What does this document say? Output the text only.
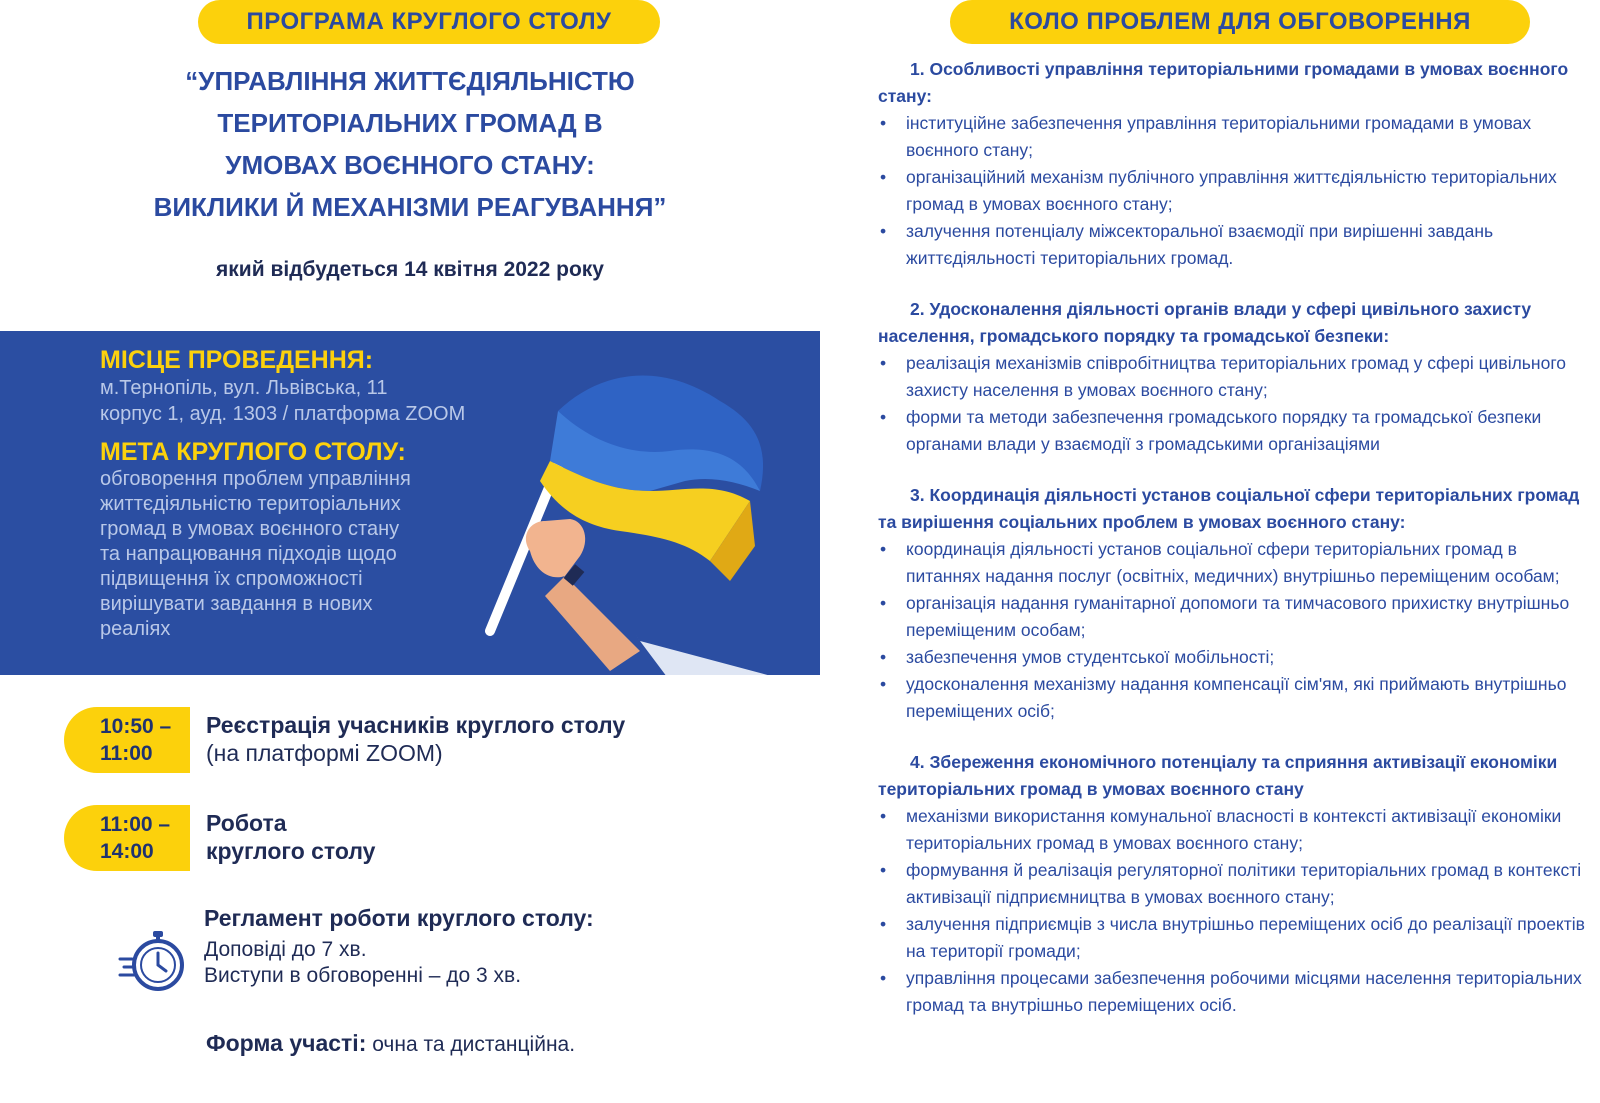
ПРОГРАМА КРУГЛОГО СТОЛУ
“УПРАВЛІННЯ ЖИТТЄДІЯЛЬНІСТЮ
ТЕРИТОРІАЛЬНИХ ГРОМАД В
УМОВАХ ВОЄННОГО СТАНУ:
ВИКЛИКИ Й МЕХАНІЗМИ РЕАГУВАННЯ”
який відбудеться 14 квітня 2022 року

МІСЦЕ ПРОВЕДЕННЯ:

м.Тернопіль, вул. Львівська, 11

корпус 1, ауд. 1303 / платформа ZOOM

МЕТА КРУГЛОГО СТОЛУ:

обговорення проблем управління

життєдіяльністю територіальних

громад в умовах воєнного стану

та напрацювання підходів щодо

підвищення їх спроможності

вирішувати завдання в нових

реаліях

10:50 –
11:00
Реєстрація учасників круглого столу
(на платформі ZOOM)
11:00 –
14:00
Робота
круглого столу
Регламент роботи круглого столу:
Доповіді до 7 хв.
Виступи в обговоренні – до 3 хв.
Форма участі: очна та дистанційна.
КОЛО ПРОБЛЕМ ДЛЯ ОБГОВОРЕННЯ

1. Особливості управління територіальними громадами в умовах воєнного стану:

• інституційне забезпечення управління територіальними громадами в умовах воєнного стану;
• організаційний механізм публічного управління життєдіяльністю територіальних громад в умовах воєнного стану;
• залучення потенціалу міжсекторальної взаємодії при вирішенні завдань життєдіяльності територіальних громад.

2. Удосконалення діяльності органів влади у сфері цивільного захисту населення, громадського порядку та громадської безпеки:

• реалізація механізмів співробітництва територіальних громад у сфері цивільного захисту населення в умовах воєнного стану;
• форми та методи забезпечення громадського порядку та громадської безпеки органами влади у взаємодії з громадськими організаціями

3. Координація діяльності установ соціальної сфери територіальних громад та вирішення соціальних проблем в умовах воєнного стану:

• координація діяльності установ соціальної сфери територіальних громад в питаннях надання послуг (освітніх, медичних) внутрішньо переміщеним особам;
• організація надання гуманітарної допомоги та тимчасового прихистку внутрішньо переміщеним особам;
• забезпечення умов студентської мобільності;
• удосконалення механізму надання компенсації сім'ям, які приймають внутрішньо переміщених осіб;

4. Збереження економічного потенціалу та сприяння активізації економіки територіальних громад в умовах воєнного стану

• механізми використання комунальної власності в контексті активізації економіки територіальних громад в умовах воєнного стану;
• формування й реалізація регуляторної політики територіальних громад в контексті активізації підприємництва в умовах воєнного стану;
• залучення підприємців з числа внутрішньо переміщених осіб до реалізації проектів на території громади;
• управління процесами забезпечення робочими місцями населення територіальних громад та внутрішньо переміщених осіб.
